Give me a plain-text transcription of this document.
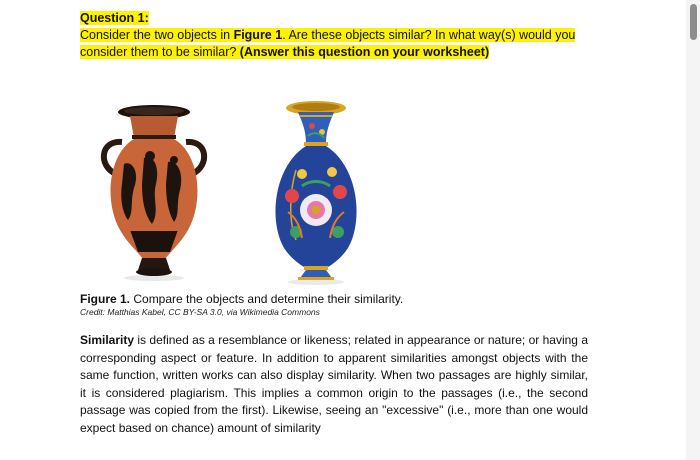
Question 1:
Consider the two objects in Figure 1. Are these objects similar? In what way(s) would you
consider them to be similar? (Answer this question on your worksheet)
Figure 1. Compare the objects and determine their similarity.
Credit: Matthias Kabel, CC BY-SA 3.0, via Wikimedia Commons
Similarity is defined as a resemblance or likeness; related in appearance or nature; or having a corresponding aspect or feature. In addition to apparent similarities amongst objects with the same function, written works can also display similarity. When two passages are highly similar, it is considered plagiarism. This implies a common origin to the passages (i.e., the second passage was copied from the first). Likewise, seeing an "excessive" (i.e., more than one would expect based on chance) amount of similarity
